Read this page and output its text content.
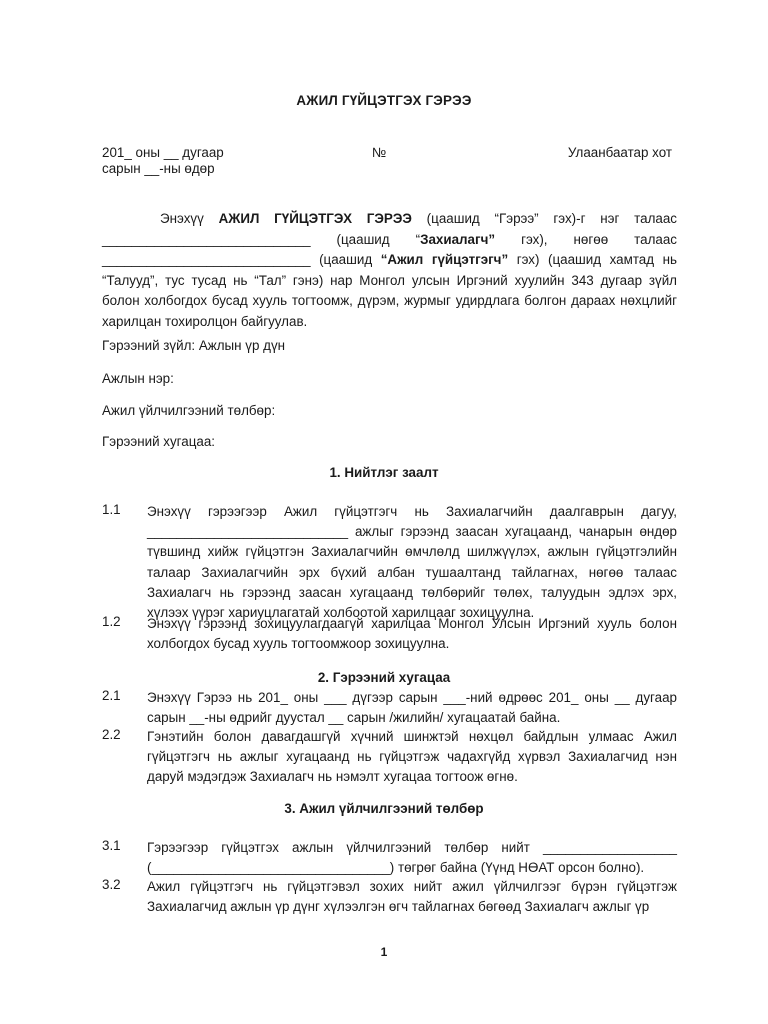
АЖИЛ ГҮЙЦЭТГЭХ ГЭРЭЭ
201_ оны __ дугаар	№	Улаанбаатар хот
сарын __-ны өдөр

Энэхүү АЖИЛ ГҮЙЦЭТГЭХ ГЭРЭЭ (цаашид “Гэрээ” гэх)-г нэг талаас ____________________________ (цаашид “Захиалагч” гэх), нөгөө талаас ____________________________ (цаашид “Ажил гүйцэтгэгч” гэх) (цаашид хамтад нь “Талууд”, тус тусад нь “Тал” гэнэ) нар Монгол улсын Иргэний хуулийн 343 дугаар зүйл болон холбогдох бусад хууль тогтоомж, дүрэм, журмыг удирдлага болгон дараах нөхцлийг харилцан тохиролцон байгуулав.

Гэрээний зүйл: Ажлын үр дүн
Ажлын нэр:
Ажил үйлчилгээний төлбөр:
Гэрээний хугацаа:
1. Нийтлэг заалт
1.1 Энэхүү гэрээгээр Ажил гүйцэтгэгч нь Захиалагчийн даалгаврын дагуу, ___________________________ ажлыг гэрээнд заасан хугацаанд, чанарын өндөр түвшинд хийж гүйцэтгэн Захиалагчийн өмчлөлд шилжүүлэх, ажлын гүйцэтгэлийн талаар Захиалагчийн эрх бүхий албан тушаалтанд тайлагнах, нөгөө талаас Захиалагч нь гэрээнд заасан хугацаанд төлбөрийг төлөх, талуудын эдлэх эрх, хүлээх үүрэг хариуцлагатай холбоотой харилцааг зохицуулна.
1.2 Энэхүү гэрээнд зохицуулагдаагүй харилцаа Монгол Улсын Иргэний хууль болон холбогдох бусад хууль тогтоомжоор зохицуулна.
2. Гэрээний хугацаа
2.1 Энэхүү Гэрээ нь 201_ оны ___ дүгээр сарын ___-ний өдрөөс 201_ оны __ дугаар сарын __-ны өдрийг дуустал __ сарын /жилийн/ хугацаатай байна.
2.2 Гэнэтийн болон давагдашгүй хүчний шинжтэй нөхцөл байдлын улмаас Ажил гүйцэтгэгч нь ажлыг хугацаанд нь гүйцэтгэж чадахгүйд хүрвэл Захиалагчид нэн даруй мэдэгдэж Захиалагч нь нэмэлт хугацаа тогтоож өгнө.
3. Ажил үйлчилгээний төлбөр
3.1 Гэрээгээр гүйцэтгэх ажлын үйлчилгээний төлбөр нийт __________________ (________________________________) төгрөг байна (Үүнд НӨАТ орсон болно).
3.2 Ажил гүйцэтгэгч нь гүйцэтгэвэл зохих нийт ажил үйлчилгээг бүрэн гүйцэтгэж Захиалагчид ажлын үр дүнг хүлээлгэн өгч тайлагнах бөгөөд Захиалагч ажлыг үр
1
